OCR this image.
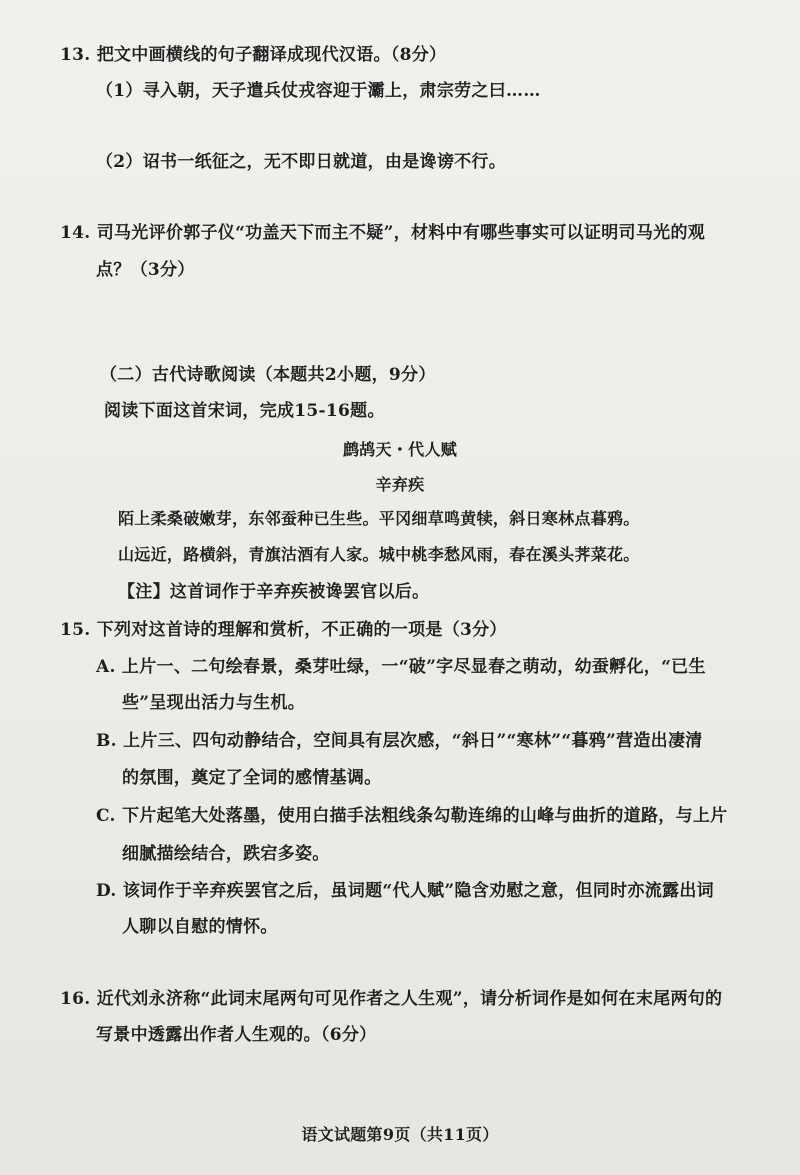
13. 把文中画横线的句子翻译成现代汉语。（8分）
（1）寻入朝，天子遣兵仗戎容迎于灞上，肃宗劳之曰……
（2）诏书一纸征之，无不即日就道，由是谗谤不行。
14. 司马光评价郭子仪“功盖天下而主不疑”，材料中有哪些事实可以证明司马光的观
点？（3分）
（二）古代诗歌阅读（本题共2小题，9分）
阅读下面这首宋词，完成15-16题。
鹧鸪天・代人赋
辛弃疾
陌上柔桑破嫩芽，东邻蚕种已生些。平冈细草鸣黄犊，斜日寒林点暮鸦。
山远近，路横斜，青旗沽酒有人家。城中桃李愁风雨，春在溪头荠菜花。
【注】这首词作于辛弃疾被谗罢官以后。
15. 下列对这首诗的理解和赏析，不正确的一项是（3分）
A. 上片一、二句绘春景，桑芽吐绿，一“破”字尽显春之萌动，幼蚕孵化，“已生
些”呈现出活力与生机。
B. 上片三、四句动静结合，空间具有层次感，“斜日”“寒林”“暮鸦”营造出凄清
的氛围，奠定了全词的感情基调。
C. 下片起笔大处落墨，使用白描手法粗线条勾勒连绵的山峰与曲折的道路，与上片
细腻描绘结合，跌宕多姿。
D. 该词作于辛弃疾罢官之后，虽词题“代人赋”隐含劝慰之意，但同时亦流露出词
人聊以自慰的情怀。
16. 近代刘永济称“此词末尾两句可见作者之人生观”，请分析词作是如何在末尾两句的
写景中透露出作者人生观的。（6分）
语文试题第9页（共11页）
